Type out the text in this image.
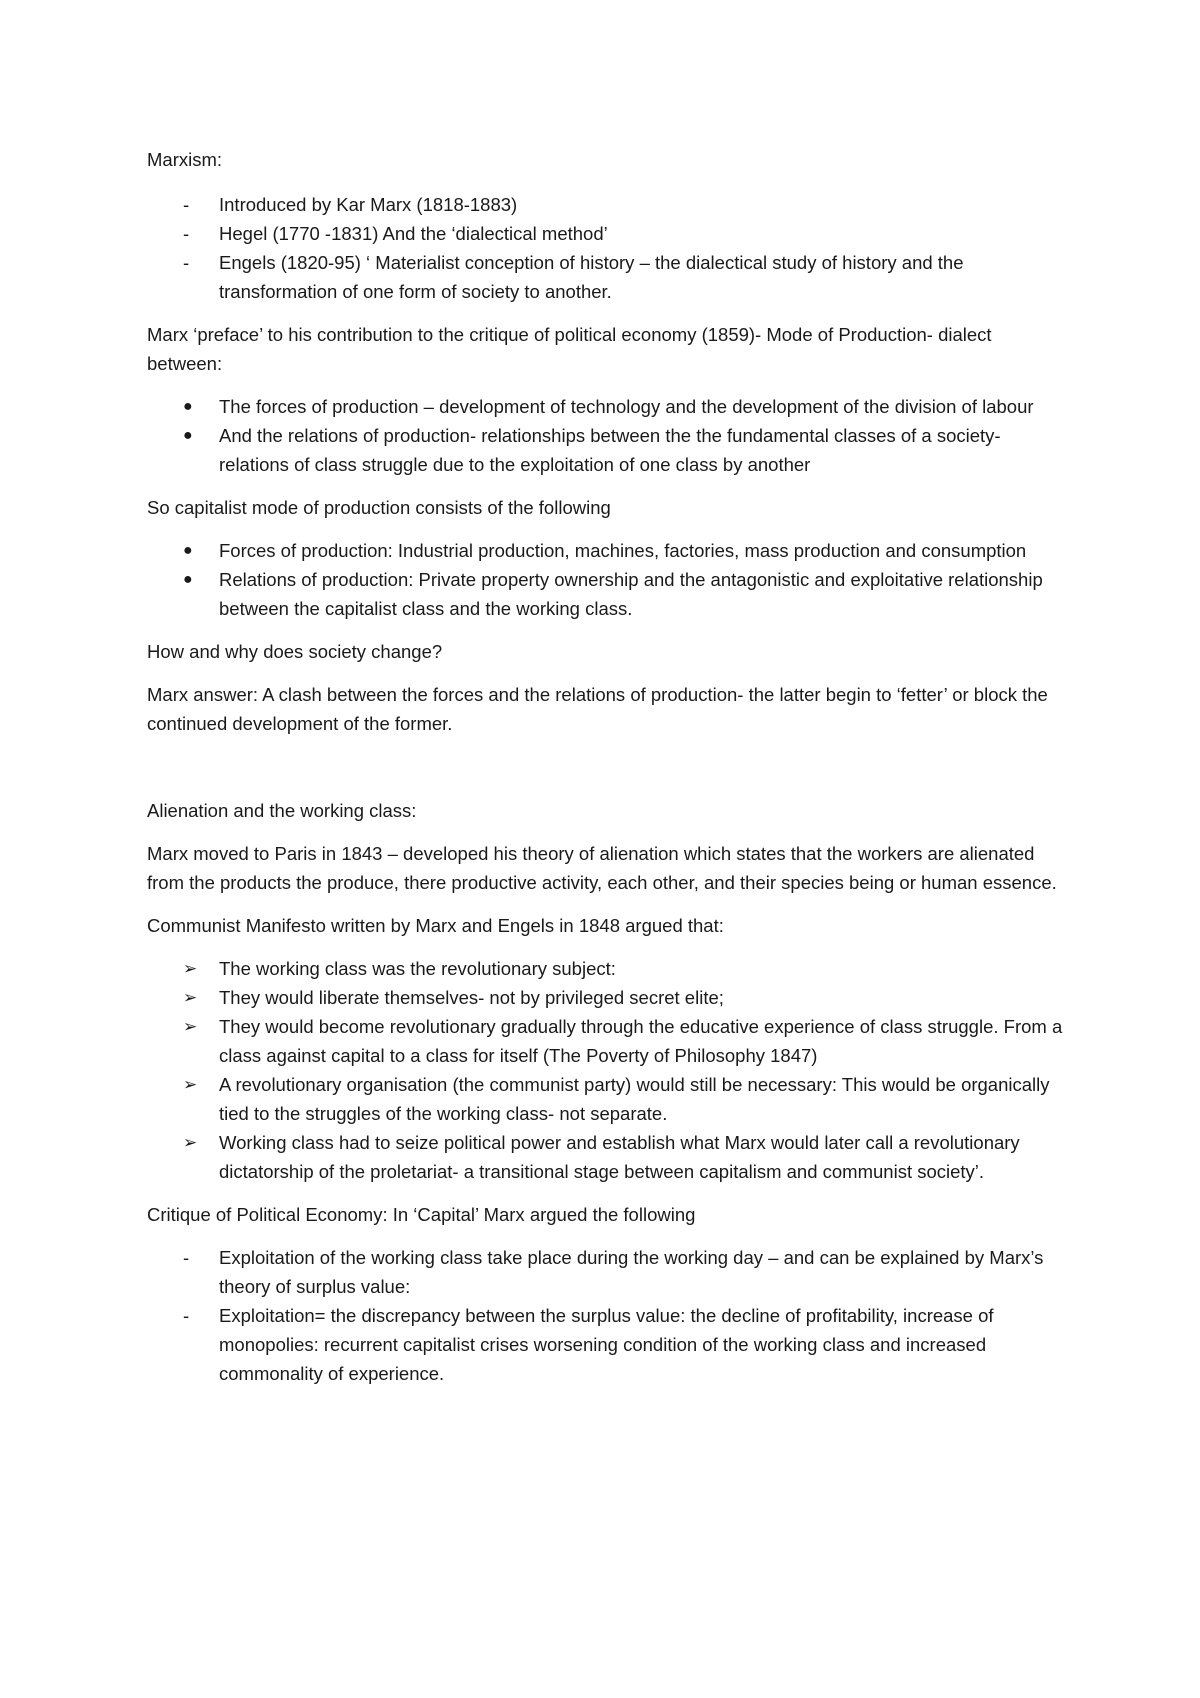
Marxism:

-	Introduced by Kar Marx (1818-1883)
-	Hegel (1770 -1831) And the ‘dialectical method’
-	Engels (1820-95) ‘ Materialist conception of history – the dialectical study of history and the transformation of one form of society to another.

Marx ‘preface’ to his contribution to the critique of political economy (1859)- Mode of Production- dialect between:

●	The forces of production – development of technology and the development of the division of labour
●	And the relations of production- relationships between the the fundamental classes of a society- relations of class struggle due to the exploitation of one class by another

So capitalist mode of production consists of the following

●	Forces of production: Industrial production, machines, factories, mass production and consumption
●	Relations of production: Private property ownership and the antagonistic and exploitative relationship between the capitalist class and the working class.

How and why does society change?

Marx answer: A clash between the forces and the relations of production- the latter begin to ‘fetter’ or block the continued development of the former.

Alienation and the working class:

Marx moved to Paris in 1843 – developed his theory of alienation which states that the workers are alienated from the products the produce, there productive activity, each other, and their species being or human essence.

Communist Manifesto written by Marx and Engels in 1848 argued that:

➢	The working class was the revolutionary subject:
➢	They would liberate themselves- not by privileged secret elite;
➢	They would become revolutionary gradually through the educative experience of class struggle. From a class against capital to a class for itself (The Poverty of Philosophy 1847)
➢	A revolutionary organisation (the communist party) would still be necessary: This would be organically tied to the struggles of the working class- not separate.
➢	Working class had to seize political power and establish what Marx would later call a revolutionary dictatorship of the proletariat- a transitional stage between capitalism and communist society’.

Critique of Political Economy: In ‘Capital’ Marx argued the following

-	Exploitation of the working class take place during the working day – and can be explained by Marx’s theory of surplus value:
-	Exploitation= the discrepancy between the surplus value: the decline of profitability, increase of monopolies: recurrent capitalist crises worsening condition of the working class and increased commonality of experience.
